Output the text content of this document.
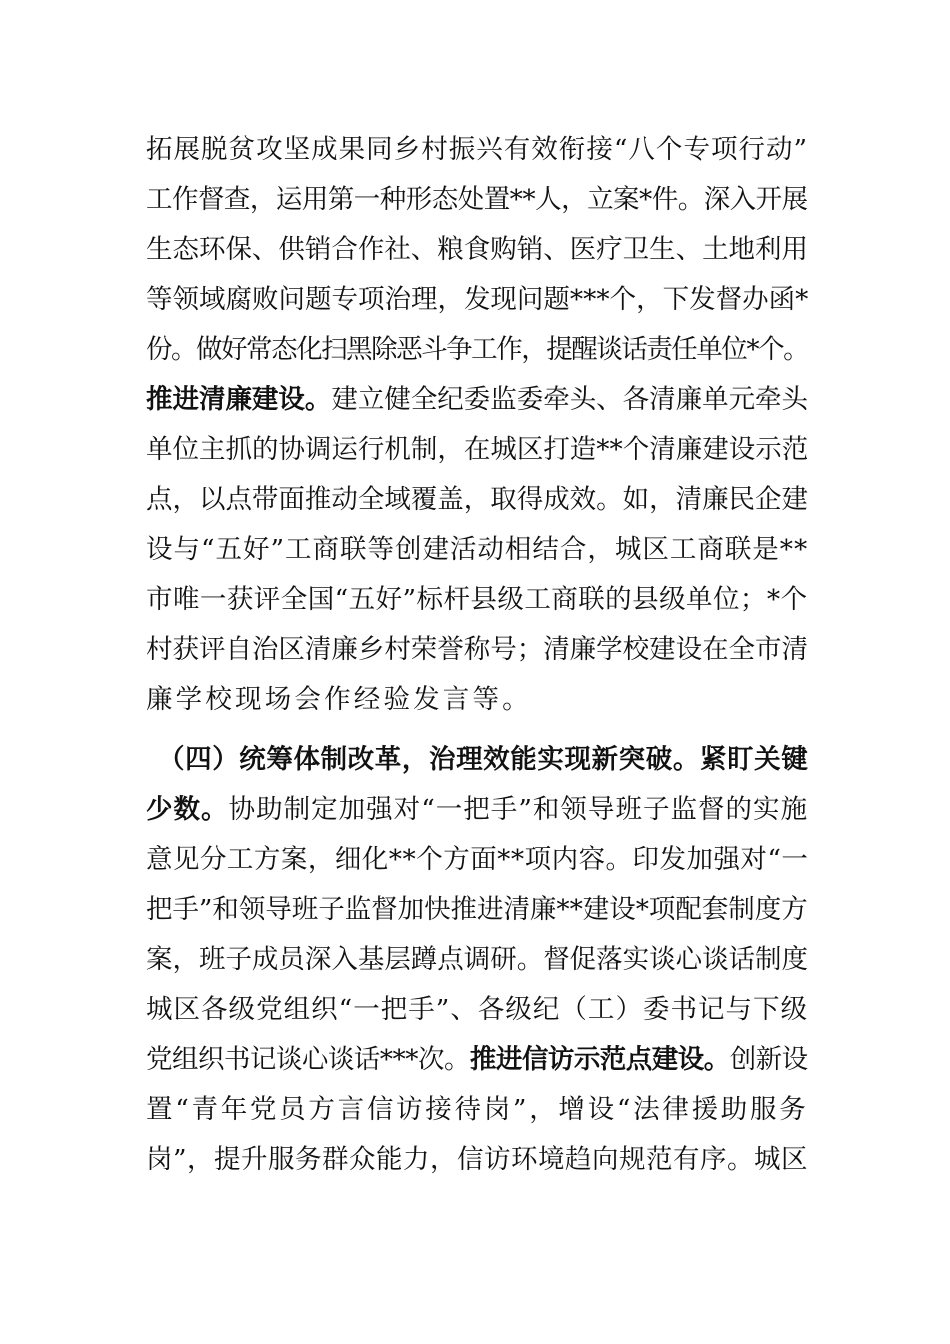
拓展脱贫攻坚成果同乡村振兴有效衔接“八个专项行动”
工作督查，运用第一种形态处置**人，立案*件。深入开展
生态环保、供销合作社、粮食购销、医疗卫生、土地利用
等领域腐败问题专项治理，发现问题***个，下发督办函*
份。做好常态化扫黑除恶斗争工作，提醒谈话责任单位*个。
推进清廉建设。建立健全纪委监委牵头、各清廉单元牵头
单位主抓的协调运行机制，在城区打造**个清廉建设示范
点，以点带面推动全域覆盖，取得成效。如，清廉民企建
设与“五好”工商联等创建活动相结合，城区工商联是**
市唯一获评全国“五好”标杆县级工商联的县级单位；*个
村获评自治区清廉乡村荣誉称号；清廉学校建设在全市清
廉学校现场会作经验发言等。
（四）统筹体制改革，治理效能实现新突破。紧盯关键
少数。协助制定加强对“一把手”和领导班子监督的实施
意见分工方案，细化**个方面**项内容。印发加强对“一
把手”和领导班子监督加快推进清廉**建设*项配套制度方
案，班子成员深入基层蹲点调研。督促落实谈心谈话制度
城区各级党组织“一把手”、各级纪（工）委书记与下级
党组织书记谈心谈话***次。推进信访示范点建设。创新设
置“青年党员方言信访接待岗”，增设“法律援助服务
岗”，提升服务群众能力，信访环境趋向规范有序。城区
